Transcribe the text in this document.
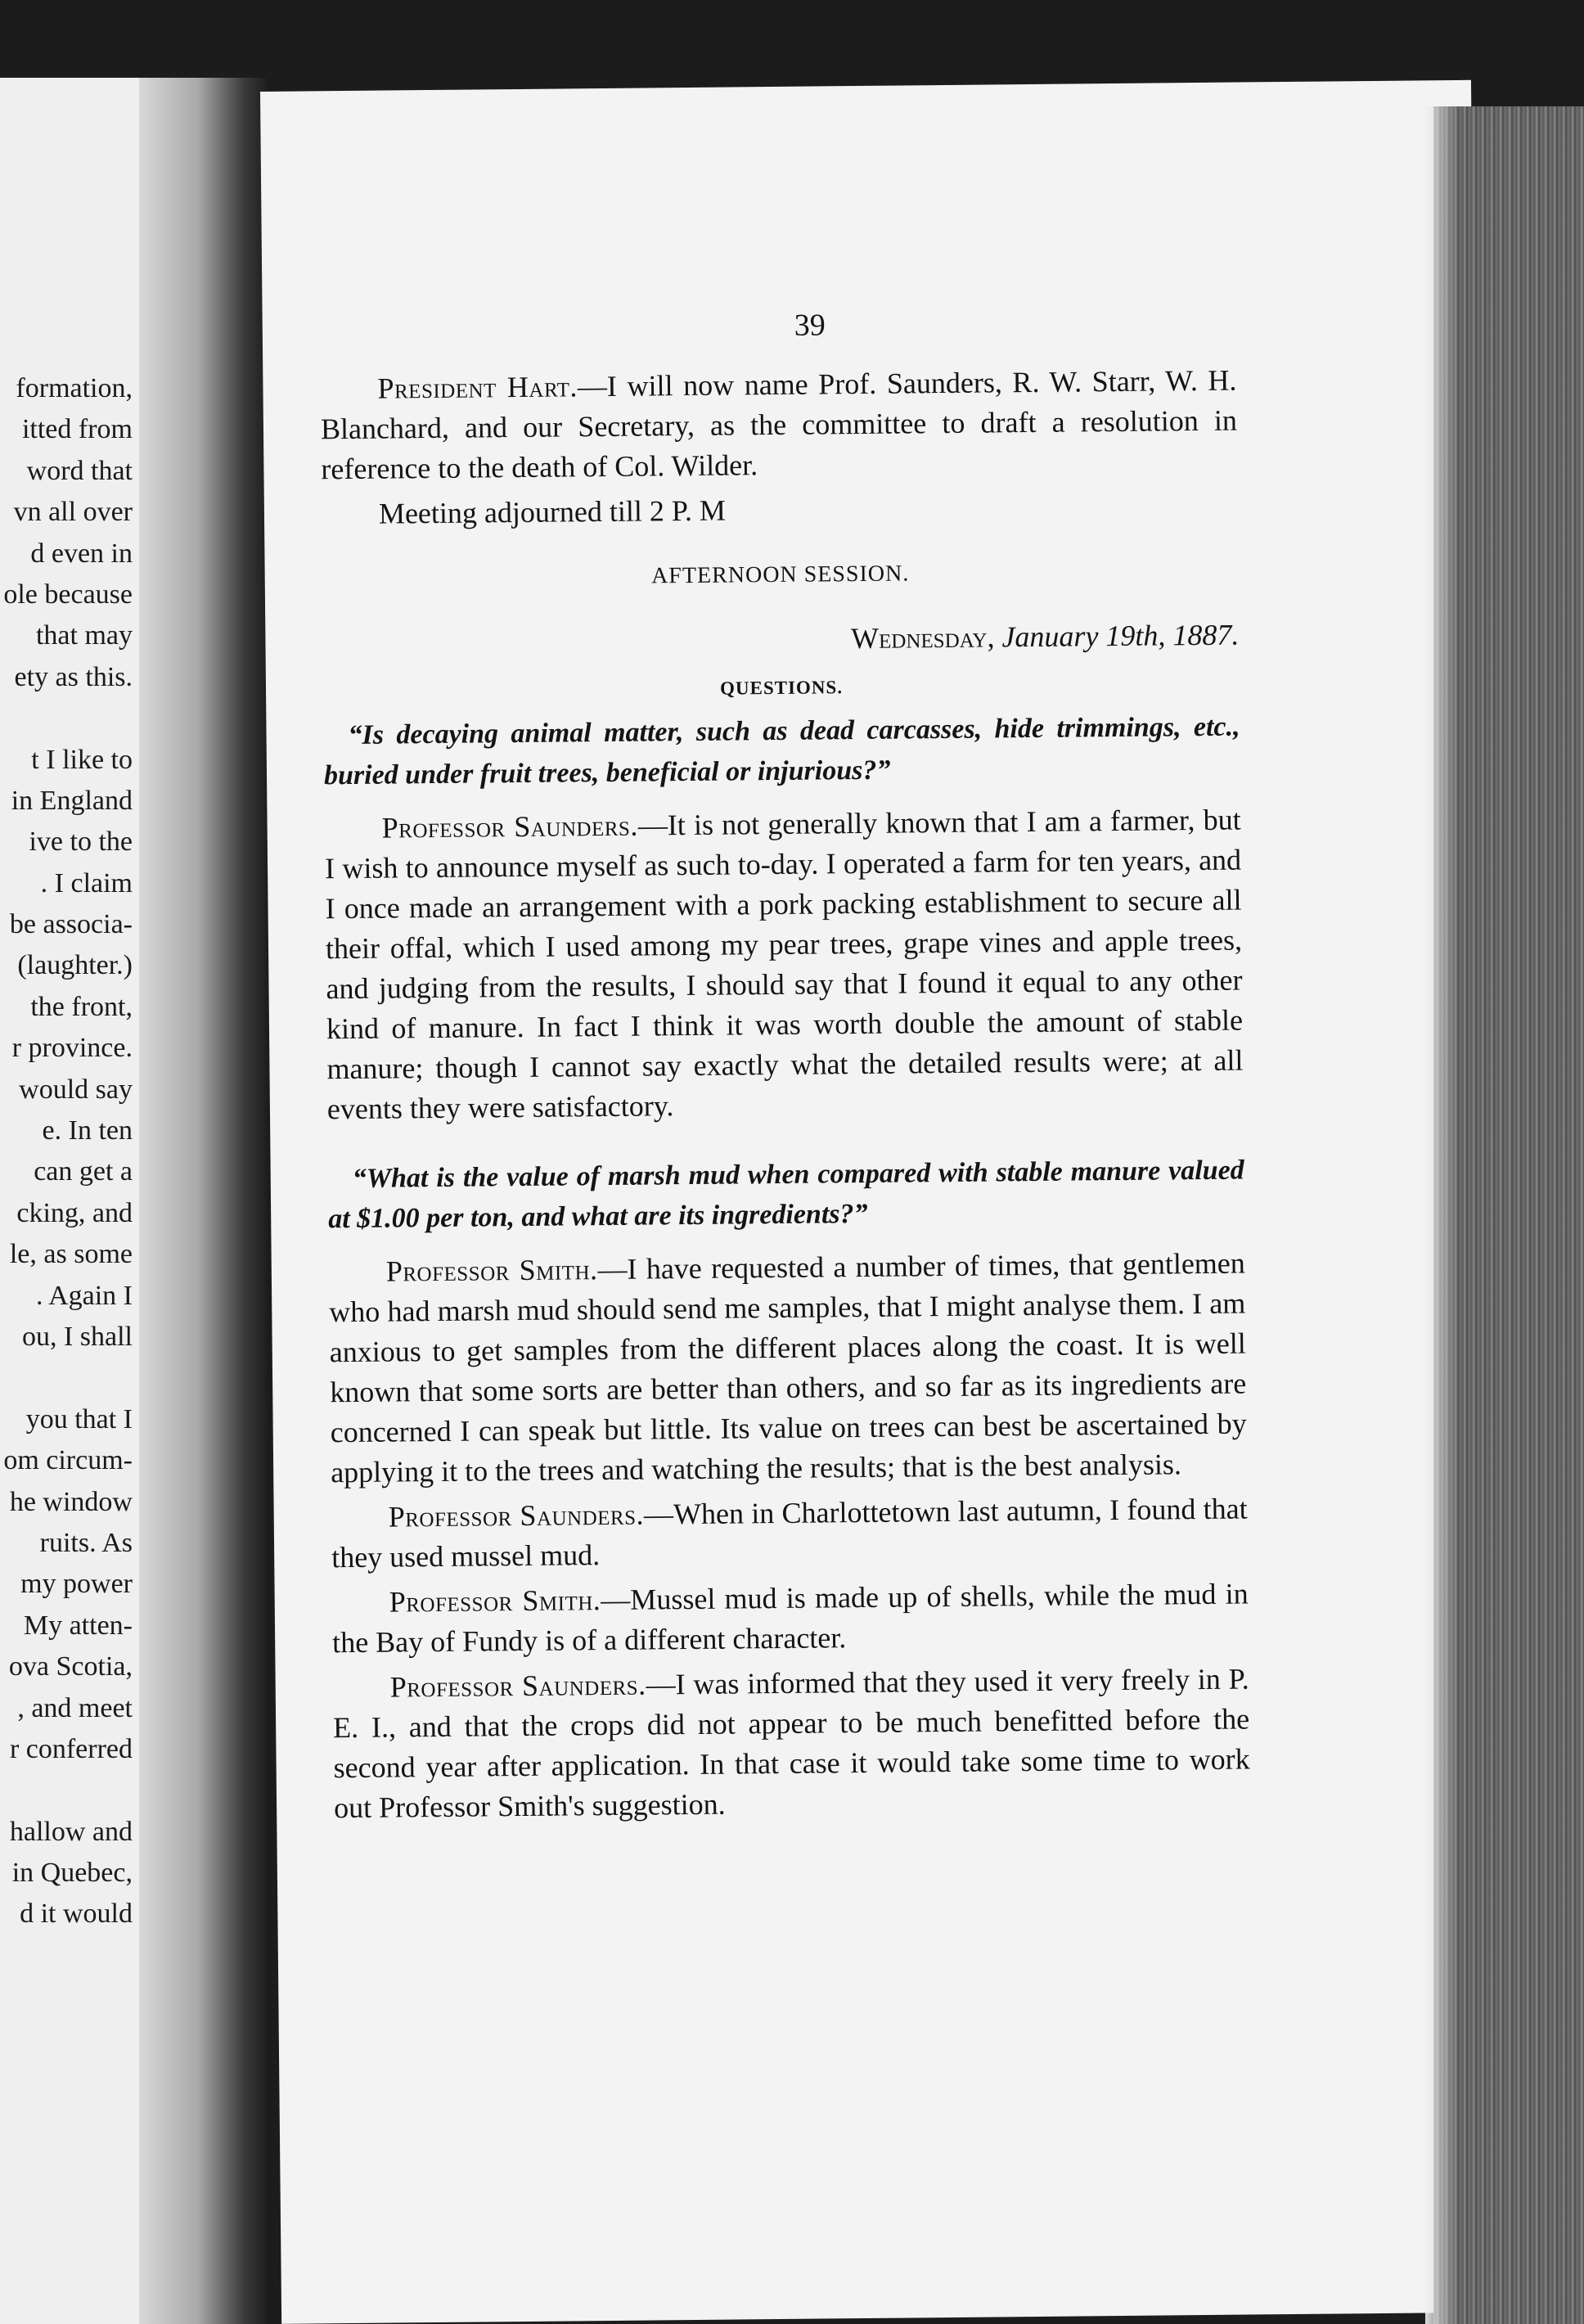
formation,
itted from
word that
vn all over
d even in
ole because
that may
ety as this.
t I like to
in England
ive to the
. I claim
be associa-
(laughter.)
the front,
r province.
would say
e. In ten
can get a
cking, and
le, as some
. Again I
ou, I shall
you that I
om circum-
he window
ruits. As
my power
My atten-
ova Scotia,
, and meet
r conferred
hallow and
in Quebec,
d it would
39

President Hart.—I will now name Prof. Saunders, R. W. Starr, W. H. Blanchard, and our Secretary, as the committee to draft a resolution in reference to the death of Col. Wilder.

Meeting adjourned till 2 P. M

AFTERNOON SESSION.
Wednesday, January 19th, 1887.
QUESTIONS.

“Is decaying animal matter, such as dead carcasses, hide trimmings, etc., buried under fruit trees, beneficial or injurious?”

Professor Saunders.—It is not generally known that I am a farmer, but I wish to announce myself as such to-day. I operated a farm for ten years, and I once made an arrangement with a pork packing establishment to secure all their offal, which I used among my pear trees, grape vines and apple trees, and judging from the results, I should say that I found it equal to any other kind of manure. In fact I think it was worth double the amount of stable manure; though I cannot say exactly what the detailed results were; at all events they were satisfactory.

“What is the value of marsh mud when compared with stable manure valued at $1.00 per ton, and what are its ingredients?”

Professor Smith.—I have requested a number of times, that gentlemen who had marsh mud should send me samples, that I might analyse them. I am anxious to get samples from the different places along the coast. It is well known that some sorts are better than others, and so far as its ingredients are concerned I can speak but little. Its value on trees can best be ascertained by applying it to the trees and watching the results; that is the best analysis.

Professor Saunders.—When in Charlottetown last autumn, I found that they used mussel mud.

Professor Smith.—Mussel mud is made up of shells, while the mud in the Bay of Fundy is of a different character.

Professor Saunders.—I was informed that they used it very freely in P. E. I., and that the crops did not appear to be much benefitted before the second year after application. In that case it would take some time to work out Professor Smith's suggestion.
